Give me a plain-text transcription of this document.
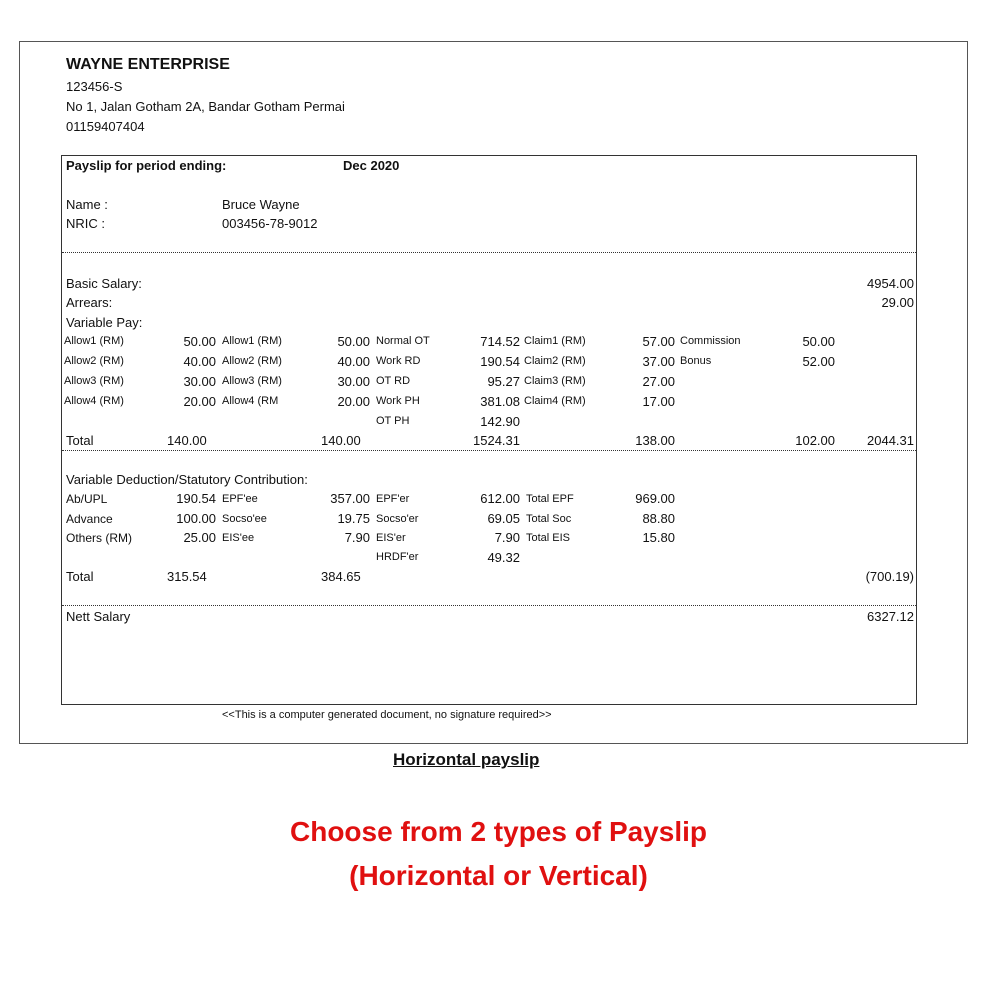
WAYNE ENTERPRISE
123456-S
No 1, Jalan Gotham 2A, Bandar Gotham Permai
01159407404
Payslip for period ending:	Dec 2020
Name :	Bruce Wayne
NRIC :	003456-78-9012
Basic Salary:	4954.00
Arrears:	29.00
Variable Pay:
Allow1 (RM)	50.00 Allow1 (RM)	50.00 Normal OT	714.52 Claim1 (RM)	57.00 Commission	50.00
Allow2 (RM)	40.00 Allow2 (RM)	40.00 Work RD	190.54 Claim2 (RM)	37.00 Bonus	52.00
Allow3 (RM)	30.00 Allow3 (RM)	30.00 OT RD	95.27 Claim3 (RM)	27.00
Allow4 (RM)	20.00 Allow4 (RM	20.00 Work PH	381.08 Claim4 (RM)	17.00
OT PH	142.90
Total	140.00	140.00	1524.31	138.00	102.00	2044.31
Variable Deduction/Statutory Contribution:
Ab/UPL	190.54 EPF'ee	357.00 EPF'er	612.00 Total EPF	969.00
Advance	100.00 Socso'ee	19.75 Socso'er	69.05 Total Soc	88.80
Others (RM)	25.00 EIS'ee	7.90 EIS'er	7.90 Total EIS	15.80
HRDF'er	49.32
Total	315.54	384.65	(700.19)
Nett Salary	6327.12
<<This is a computer generated document, no signature required>>
Horizontal payslip
Choose from 2 types of Payslip
(Horizontal or Vertical)
